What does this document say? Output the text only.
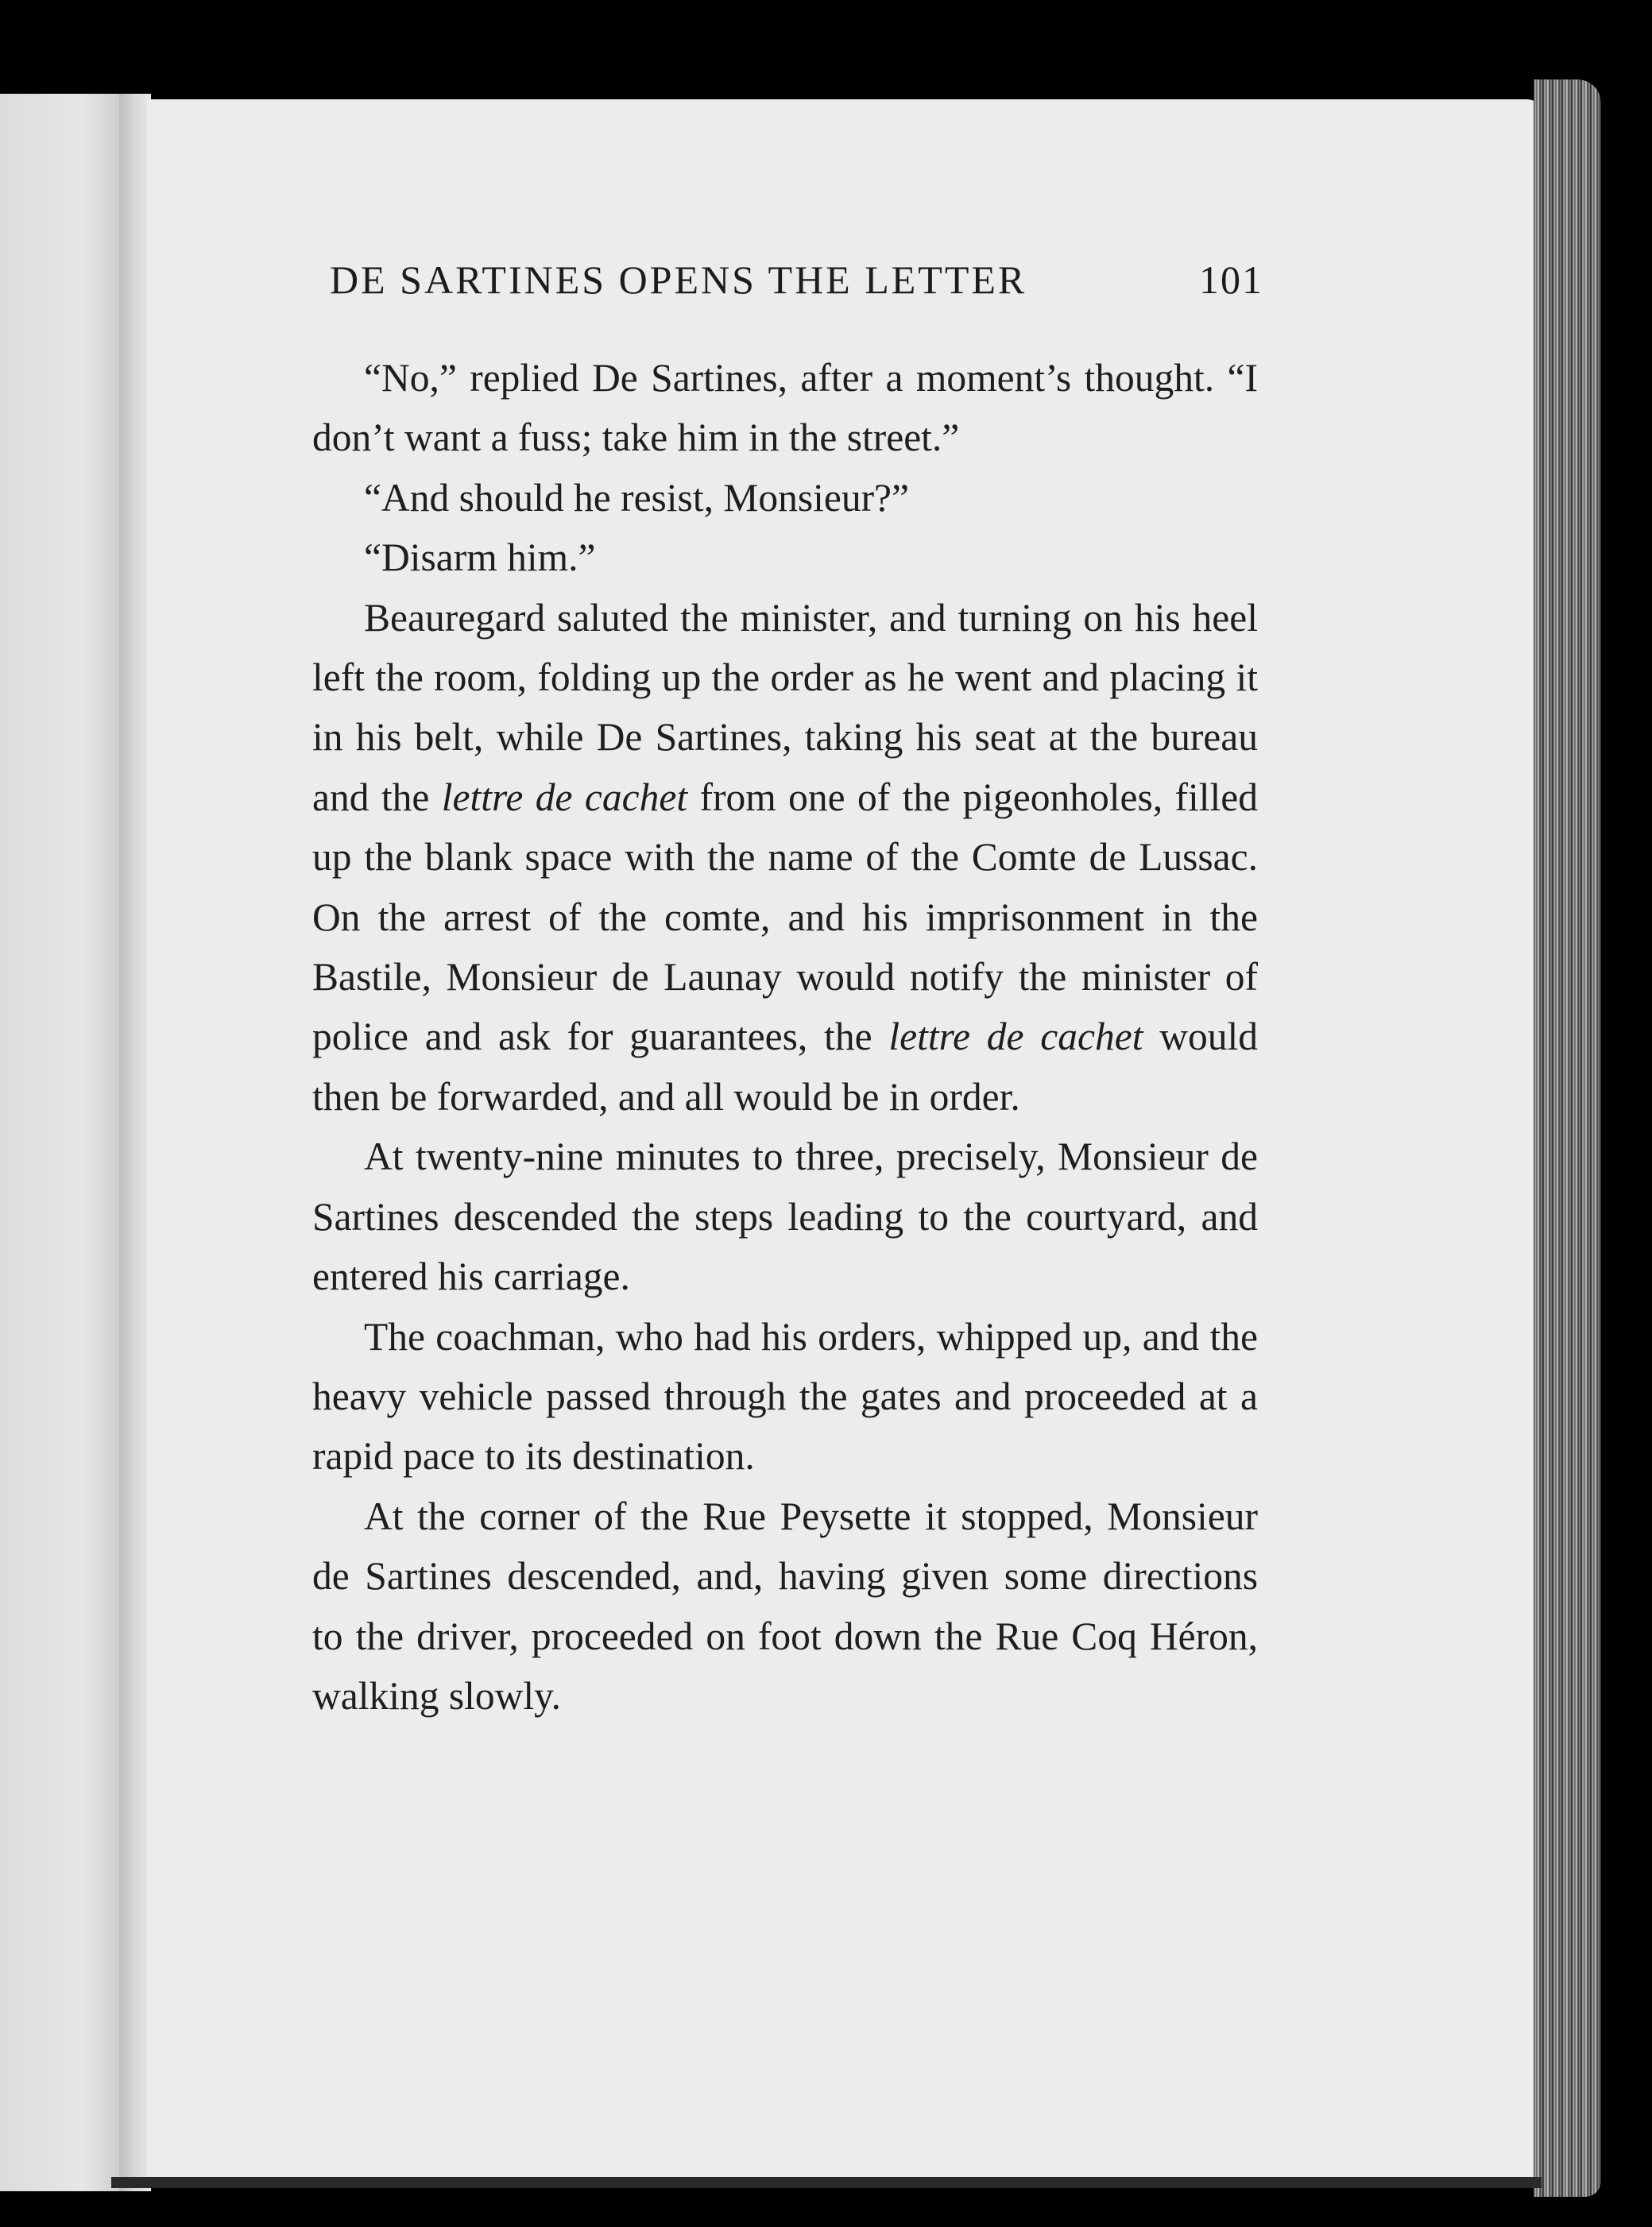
DE SARTINES OPENS THE LETTER	101

“No,” replied De Sartines, after a moment’s thought. “I don’t want a fuss; take him in the street.”

“And should he resist, Monsieur?”

“Disarm him.”

Beauregard saluted the minister, and turning on his heel left the room, folding up the order as he went and placing it in his belt, while De Sartines, taking his seat at the bureau and the lettre de cachet from one of the pigeonholes, filled up the blank space with the name of the Comte de Lussac. On the arrest of the comte, and his imprisonment in the Bastile, Monsieur de Launay would notify the minister of police and ask for guarantees, the lettre de cachet would then be forwarded, and all would be in order.

At twenty-nine minutes to three, precisely, Monsieur de Sartines descended the steps leading to the courtyard, and entered his carriage.

The coachman, who had his orders, whipped up, and the heavy vehicle passed through the gates and proceeded at a rapid pace to its destination.

At the corner of the Rue Peysette it stopped, Monsieur de Sartines descended, and, having given some directions to the driver, proceeded on foot down the Rue Coq Héron, walking slowly.
